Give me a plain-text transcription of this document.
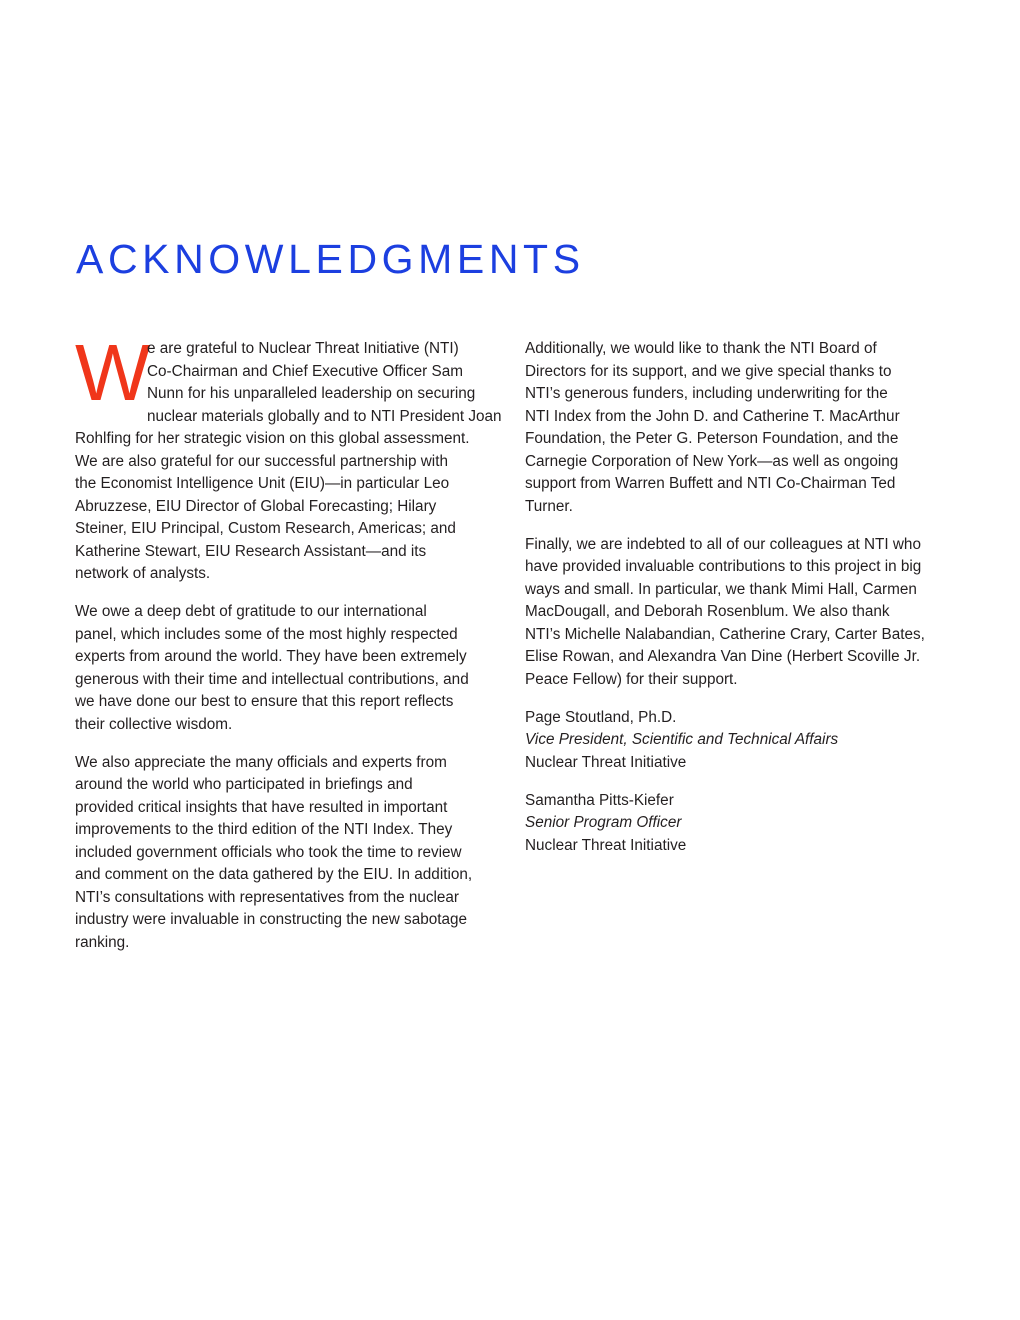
ACKNOWLEDGMENTS
W
e are grateful to Nuclear Threat Initiative (NTI)
Co-Chairman and Chief Executive Officer Sam
Nunn for his unparalleled leadership on securing
nuclear materials globally and to NTI President Joan
Rohlfing for her strategic vision on this global assessment.
We are also grateful for our successful partnership with
the Economist Intelligence Unit (EIU)—in particular Leo
Abruzzese, EIU Director of Global Forecasting; Hilary
Steiner, EIU Principal, Custom Research, Americas; and
Katherine Stewart, EIU Research Assistant—and its
network of analysts.
We owe a deep debt of gratitude to our international
panel, which includes some of the most highly respected
experts from around the world. They have been extremely
generous with their time and intellectual contributions, and
we have done our best to ensure that this report reflects
their collective wisdom.
We also appreciate the many officials and experts from
around the world who participated in briefings and
provided critical insights that have resulted in important
improvements to the third edition of the NTI Index. They
included government officials who took the time to review
and comment on the data gathered by the EIU. In addition,
NTI’s consultations with representatives from the nuclear
industry were invaluable in constructing the new sabotage
ranking.
Additionally, we would like to thank the NTI Board of
Directors for its support, and we give special thanks to
NTI’s generous funders, including underwriting for the
NTI Index from the John D. and Catherine T. MacArthur
Foundation, the Peter G. Peterson Foundation, and the
Carnegie Corporation of New York—as well as ongoing
support from Warren Buffett and NTI Co-Chairman Ted
Turner.
Finally, we are indebted to all of our colleagues at NTI who
have provided invaluable contributions to this project in big
ways and small. In particular, we thank Mimi Hall, Carmen
MacDougall, and Deborah Rosenblum. We also thank
NTI’s Michelle Nalabandian, Catherine Crary, Carter Bates,
Elise Rowan, and Alexandra Van Dine (Herbert Scoville Jr.
Peace Fellow) for their support.
Page Stoutland, Ph.D.
Vice President, Scientific and Technical Affairs
Nuclear Threat Initiative
Samantha Pitts-Kiefer
Senior Program Officer
Nuclear Threat Initiative
